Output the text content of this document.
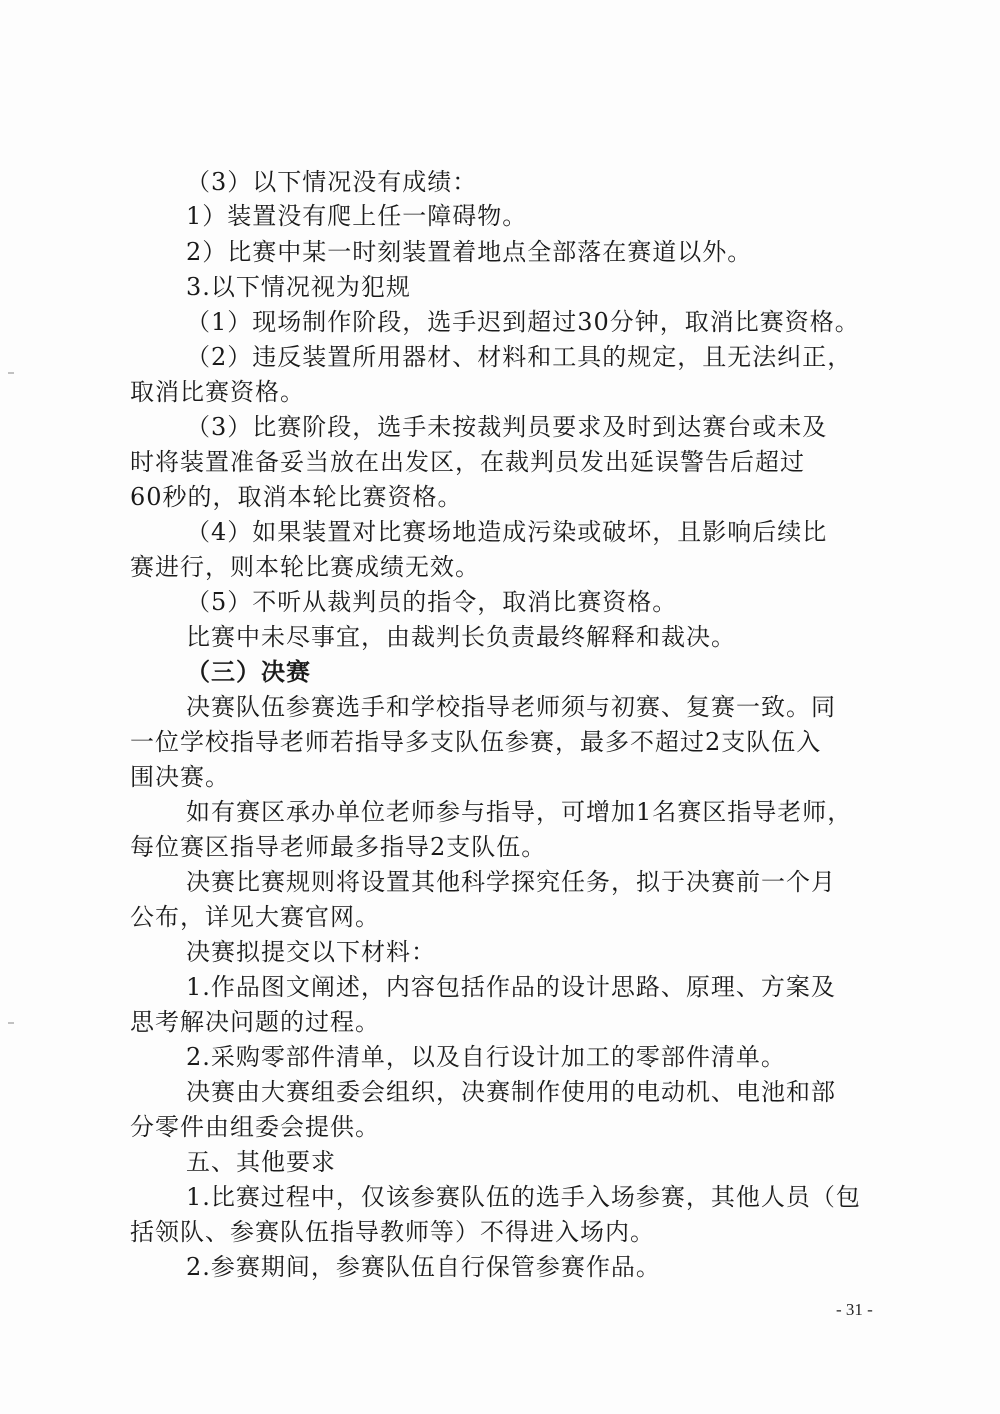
（3）以下情况没有成绩：
1）装置没有爬上任一障碍物。
2）比赛中某一时刻装置着地点全部落在赛道以外。
3.以下情况视为犯规
（1）现场制作阶段，选手迟到超过30分钟，取消比赛资格。
（2）违反装置所用器材、材料和工具的规定，且无法纠正，
取消比赛资格。
（3）比赛阶段，选手未按裁判员要求及时到达赛台或未及
时将装置准备妥当放在出发区，在裁判员发出延误警告后超过
60秒的，取消本轮比赛资格。
（4）如果装置对比赛场地造成污染或破坏，且影响后续比
赛进行，则本轮比赛成绩无效。
（5）不听从裁判员的指令，取消比赛资格。
比赛中未尽事宜，由裁判长负责最终解释和裁决。
（三）决赛
决赛队伍参赛选手和学校指导老师须与初赛、复赛一致。同
一位学校指导老师若指导多支队伍参赛，最多不超过2支队伍入
围决赛。
如有赛区承办单位老师参与指导，可增加1名赛区指导老师，
每位赛区指导老师最多指导2支队伍。
决赛比赛规则将设置其他科学探究任务，拟于决赛前一个月
公布，详见大赛官网。
决赛拟提交以下材料：
1.作品图文阐述，内容包括作品的设计思路、原理、方案及
思考解决问题的过程。
2.采购零部件清单，以及自行设计加工的零部件清单。
决赛由大赛组委会组织，决赛制作使用的电动机、电池和部
分零件由组委会提供。
五、其他要求
1.比赛过程中，仅该参赛队伍的选手入场参赛，其他人员（包
括领队、参赛队伍指导教师等）不得进入场内。
2.参赛期间，参赛队伍自行保管参赛作品。
- 31 -
